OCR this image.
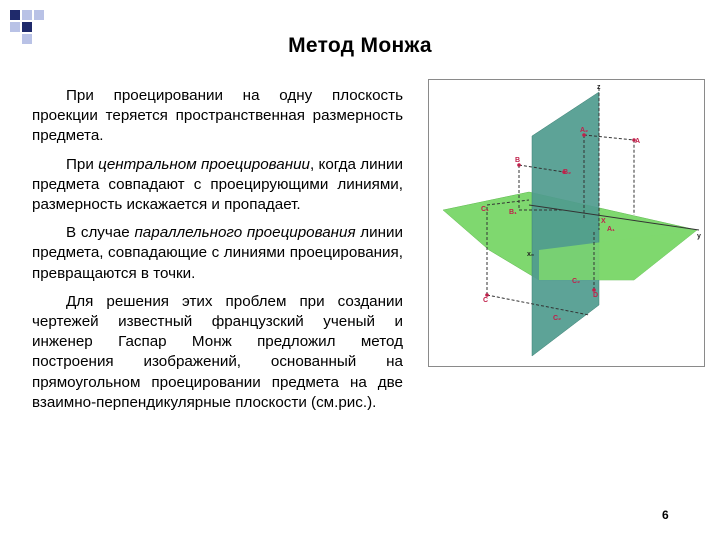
Метод Монжа

При проецировании на одну плоскость проекции теряется пространственная размерность предмета.

При центральном проецировании, когда линии предмета совпадают с проецирующими линиями, размерность искажается и пропадает.

В случае параллельного проецирования линии предмета, совпадающие с линиями проецирования, превращаются в точки.

Для решения этих проблем при создании чертежей известный французский ученый и инженер Гаспар Монж предложил метод построения изображений, основанный на прямоугольном проецировании предмета на две взаимно-перпендикулярные плоскости (см.рис.).

z
A₂
A
B
B₂
C₁	B₁
X
A₁
x₀
C
D
C₂
C₂
y
6
